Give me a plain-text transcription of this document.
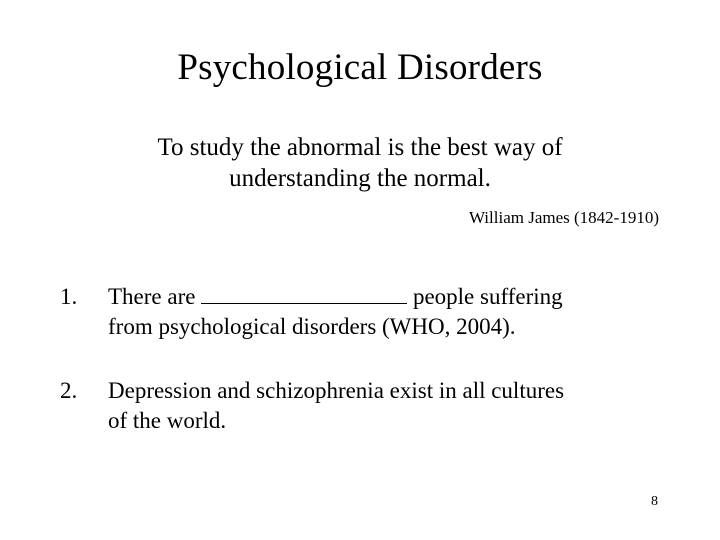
Psychological Disorders
To study the abnormal is the best way of
understanding the normal.
William James (1842-1910)
1. There are	people suffering
from psychological disorders (WHO, 2004).
2. Depression and schizophrenia exist in all cultures
of the world.
8
